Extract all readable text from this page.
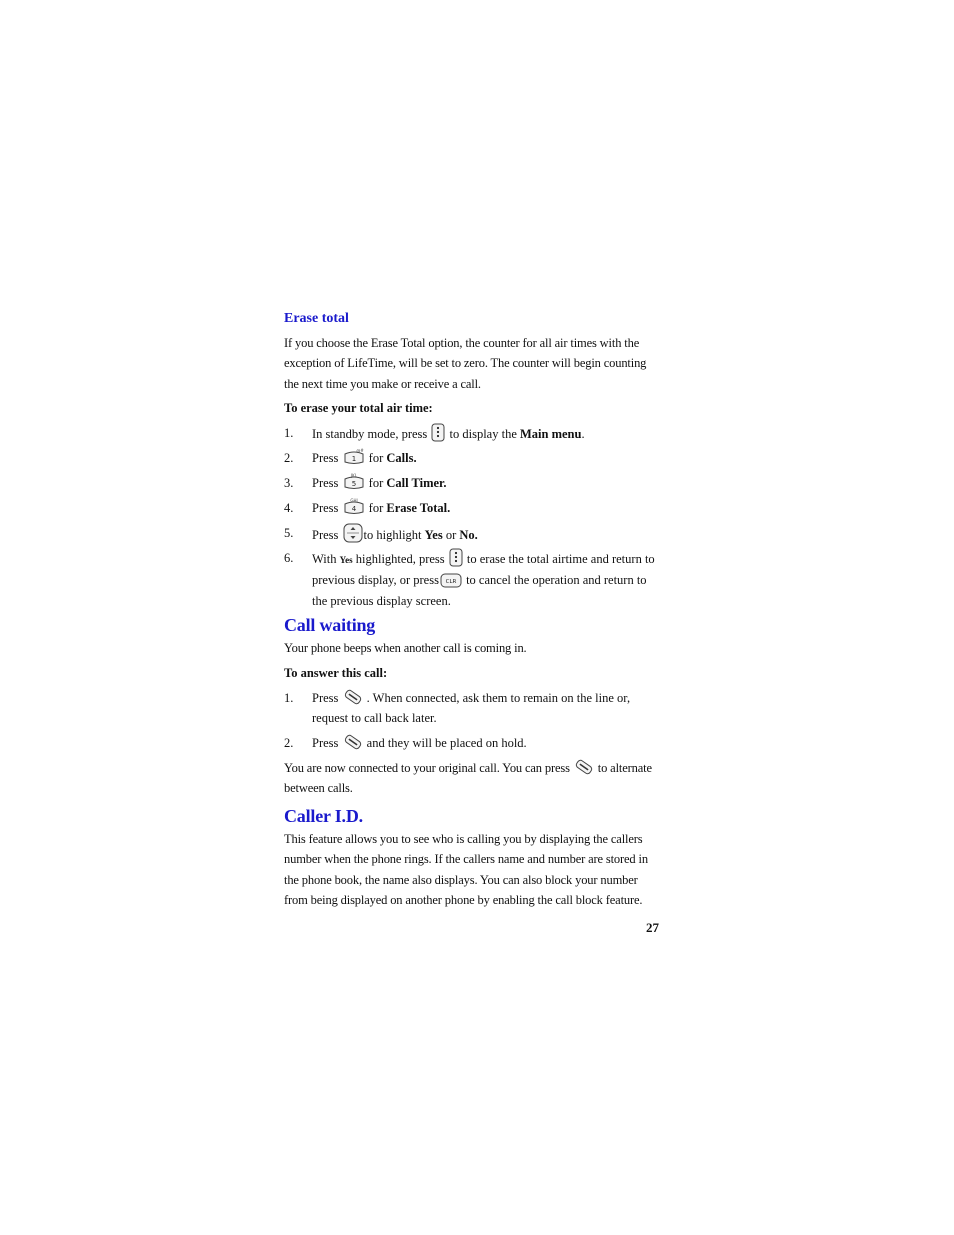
Erase total
If you choose the Erase Total option, the counter for all air times with the exception of LifeTime, will be set to zero. The counter will begin counting the next time you make or receive a call.
To erase your total air time:
1. In standby mode, press to display the Main menu.
2. Press 1
@#
for Calls.
3. Press 5
JKL
for Call Timer.
4. Press 4
GHI
for Erase Total.
5. Press to highlight Yes or No.
6. With Yes highlighted, press to erase the total airtime and return to previous display, or press CLR to cancel the operation and return to the previous display screen.
Call waiting
Your phone beeps when another call is coming in.
To answer this call:
1. Press . When connected, ask them to remain on the line or, request to call back later.
2. Press and they will be placed on hold.
You are now connected to your original call. You can press to alternate between calls.
Caller I.D.
This feature allows you to see who is calling you by displaying the callers number when the phone rings. If the callers name and number are stored in the phone book, the name also displays. You can also block your number from being displayed on another phone by enabling the call block feature.
27
